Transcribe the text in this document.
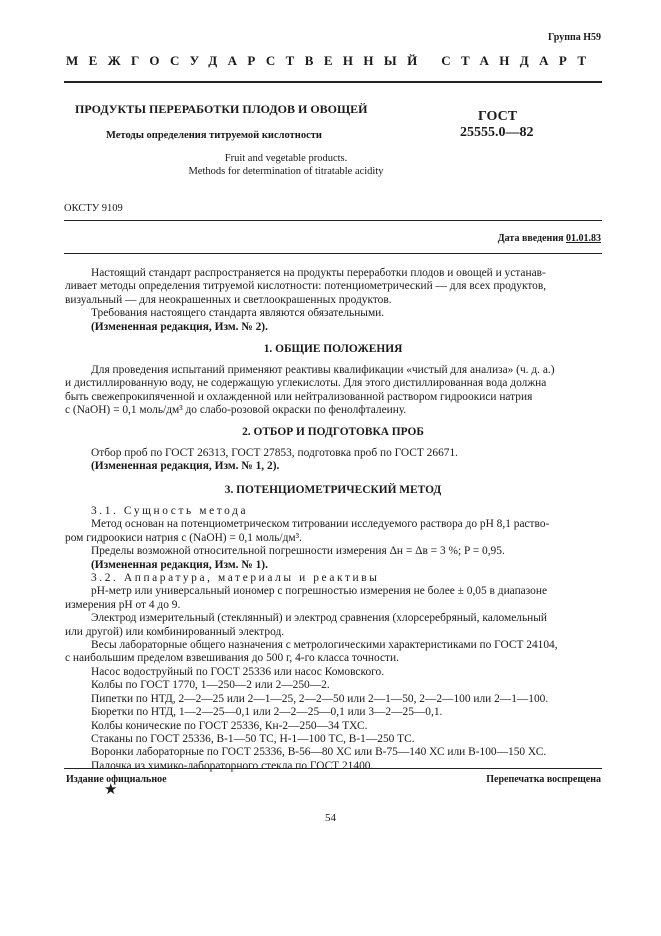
Группа Н59
МЕЖГОСУДАРСТВЕННЫЙ СТАНДАРТ
ПРОДУКТЫ ПЕРЕРАБОТКИ ПЛОДОВ И ОВОЩЕЙ
Методы определения титруемой кислотности
ГОСТ
25555.0—82
Fruit and vegetable products.
Methods for determination of titratable acidity
ОКСТУ 9109
Дата введения 01.01.83
Настоящий стандарт распространяется на продукты переработки плодов и овощей и устанав-
ливает методы определения титруемой кислотности: потенциометрический — для всех продуктов,
визуальный — для неокрашенных и светлоокрашенных продуктов.
Требования настоящего стандарта являются обязательными.
(Измененная редакция, Изм. № 2).
1. ОБЩИЕ ПОЛОЖЕНИЯ
Для проведения испытаний применяют реактивы квалификации «чистый для анализа» (ч. д. а.)
и дистиллированную воду, не содержащую углекислоты. Для этого дистиллированная вода должна
быть свежепрокипяченной и охлажденной или нейтрализованной раствором гидроокиси натрия
c (NaOH) = 0,1 моль/дм³ до слабо-розовой окраски по фенолфталеину.
2. ОТБОР И ПОДГОТОВКА ПРОБ
Отбор проб по ГОСТ 26313, ГОСТ 27853, подготовка проб по ГОСТ 26671.
(Измененная редакция, Изм. № 1, 2).
3. ПОТЕНЦИОМЕТРИЧЕСКИЙ МЕТОД
3.1. Сущность метода
Метод основан на потенциометрическом титровании исследуемого раствора до рН 8,1 раство-
ром гидроокиси натрия c (NaOH) = 0,1 моль/дм³.
Пределы возможной относительной погрешности измерения Δн = Δв = 3 %; P = 0,95.
(Измененная редакция, Изм. № 1).
3.2. Аппаратура, материалы и реактивы
рН-метр или универсальный иономер с погрешностью измерения не более ± 0,05 в диапазоне
измерения рН от 4 до 9.
Электрод измерительный (стеклянный) и электрод сравнения (хлорсеребряный, каломельный
или другой) или комбинированный электрод.
Весы лабораторные общего назначения с метрологическими характеристиками по ГОСТ 24104,
с наибольшим пределом взвешивания до 500 г, 4-го класса точности.
Насос водоструйный по ГОСТ 25336 или насос Комовского.
Колбы по ГОСТ 1770, 1—250—2 или 2—250—2.
Пипетки по НТД, 2—2—25 или 2—1—25, 2—2—50 или 2—1—50, 2—2—100 или 2—1—100.
Бюретки по НТД, 1—2—25—0,1 или 2—2—25—0,1 или 3—2—25—0,1.
Колбы конические по ГОСТ 25336, Кн-2—250—34 ТХС.
Стаканы по ГОСТ 25336, В-1—50 ТС, Н-1—100 ТС, В-1—250 ТС.
Воронки лабораторные по ГОСТ 25336, В-56—80 ХС или В-75—140 ХС или В-100—150 ХС.
Палочка из химико-лабораторного стекла по ГОСТ 21400.
Издание официальное
★
Перепечатка воспрещена
54
